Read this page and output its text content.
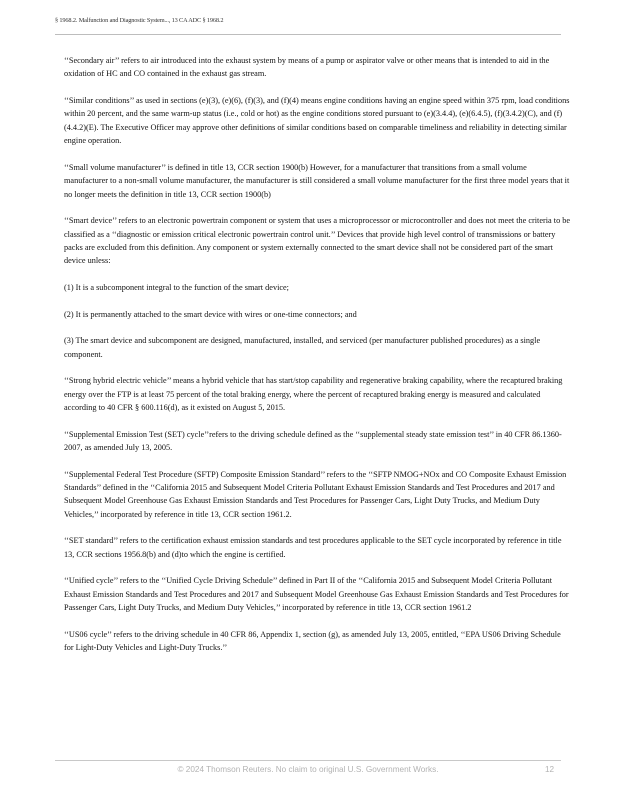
§ 1968.2. Malfunction and Diagnostic System..., 13 CA ADC § 1968.2

‘‘Secondary air’’ refers to air introduced into the exhaust system by means of a pump or aspirator valve or other means that is intended to aid in the oxidation of HC and CO contained in the exhaust gas stream.

‘‘Similar conditions’’ as used in sections (e)(3), (e)(6), (f)(3), and (f)(4) means engine conditions having an engine speed within 375 rpm, load conditions within 20 percent, and the same warm-up status (i.e., cold or hot) as the engine conditions stored pursuant to (e)(3.4.4), (e)(6.4.5), (f)(3.4.2)(C), and (f)(4.4.2)(E). The Executive Officer may approve other definitions of similar conditions based on comparable timeliness and reliability in detecting similar engine operation.

‘‘Small volume manufacturer’’ is defined in title 13, CCR section 1900(b) However, for a manufacturer that transitions from a small volume manufacturer to a non-small volume manufacturer, the manufacturer is still considered a small volume manufacturer for the first three model years that it no longer meets the definition in title 13, CCR section 1900(b)

‘‘Smart device’’ refers to an electronic powertrain component or system that uses a microprocessor or microcontroller and does not meet the criteria to be classified as a ‘‘diagnostic or emission critical electronic powertrain control unit.’’ Devices that provide high level control of transmissions or battery packs are excluded from this definition. Any component or system externally connected to the smart device shall not be considered part of the smart device unless:

(1) It is a subcomponent integral to the function of the smart device;

(2) It is permanently attached to the smart device with wires or one-time connectors; and

(3) The smart device and subcomponent are designed, manufactured, installed, and serviced (per manufacturer published procedures) as a single component.

‘‘Strong hybrid electric vehicle’’ means a hybrid vehicle that has start/stop capability and regenerative braking capability, where the recaptured braking energy over the FTP is at least 75 percent of the total braking energy, where the percent of recaptured braking energy is measured and calculated according to 40 CFR § 600.116(d), as it existed on August 5, 2015.

‘‘Supplemental Emission Test (SET) cycle’’refers to the driving schedule defined as the ‘‘supplemental steady state emission test’’ in 40 CFR 86.1360-2007, as amended July 13, 2005.

‘‘Supplemental Federal Test Procedure (SFTP) Composite Emission Standard’’ refers to the ‘‘SFTP NMOG+NOx and CO Composite Exhaust Emission Standards’’ defined in the ‘‘California 2015 and Subsequent Model Criteria Pollutant Exhaust Emission Standards and Test Procedures and 2017 and Subsequent Model Greenhouse Gas Exhaust Emission Standards and Test Procedures for Passenger Cars, Light Duty Trucks, and Medium Duty Vehicles,’’ incorporated by reference in title 13, CCR section 1961.2.

‘‘SET standard’’ refers to the certification exhaust emission standards and test procedures applicable to the SET cycle incorporated by reference in title 13, CCR sections 1956.8(b) and (d)to which the engine is certified.

‘‘Unified cycle’’ refers to the ‘‘Unified Cycle Driving Schedule’’ defined in Part II of the ‘‘California 2015 and Subsequent Model Criteria Pollutant Exhaust Emission Standards and Test Procedures and 2017 and Subsequent Model Greenhouse Gas Exhaust Emission Standards and Test Procedures for Passenger Cars, Light Duty Trucks, and Medium Duty Vehicles,’’ incorporated by reference in title 13, CCR section 1961.2

‘‘US06 cycle’’ refers to the driving schedule in 40 CFR 86, Appendix 1, section (g), as amended July 13, 2005, entitled, ‘‘EPA US06 Driving Schedule for Light-Duty Vehicles and Light-Duty Trucks.’’

© 2024 Thomson Reuters. No claim to original U.S. Government Works.	12
